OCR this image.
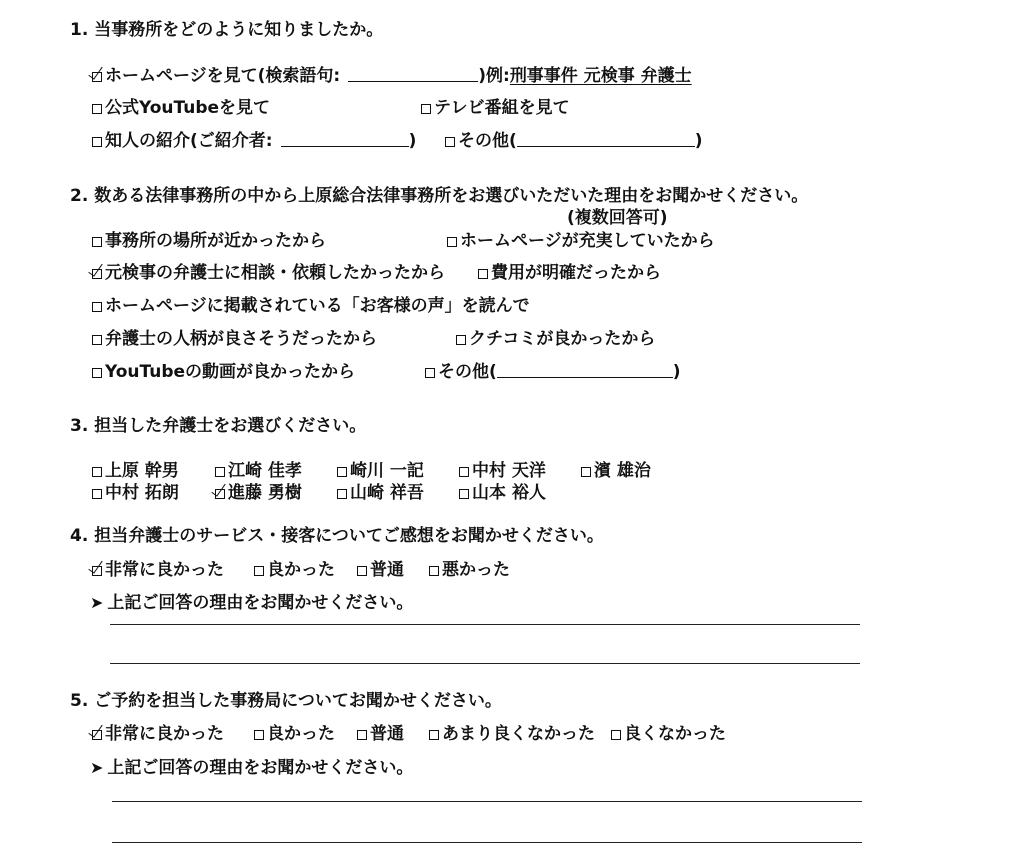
1. 当事務所をどのように知りましたか。
ホームページを見て(検索語句:	)例: 刑事事件 元検事 弁護士
公式YouTubeを見て	テレビ番組を見て
知人の紹介(ご紹介者:	) その他(	)
2. 数ある法律事務所の中から上原総合法律事務所をお選びいただいた理由をお聞かせください。
(複数回答可)
事務所の場所が近かったから	ホームページが充実していたから
元検事の弁護士に相談・依頼したかったから	費用が明確だったから
ホームページに掲載されている「お客様の声」を読んで
弁護士の人柄が良さそうだったから	クチコミが良かったから
YouTubeの動画が良かったから	その他(	)
3. 担当した弁護士をお選びください。
上原 幹男	江崎 佳孝	崎川 一記	中村 天洋	濱 雄治
中村 拓朗	進藤 勇樹	山崎 祥吾	山本 裕人
4. 担当弁護士のサービス・接客についてご感想をお聞かせください。
非常に良かった	良かった 普通 悪かった
➤ 上記ご回答の理由をお聞かせください。
5. ご予約を担当した事務局についてお聞かせください。
非常に良かった	良かった 普通 あまり良くなかった 良くなかった
➤ 上記ご回答の理由をお聞かせください。
